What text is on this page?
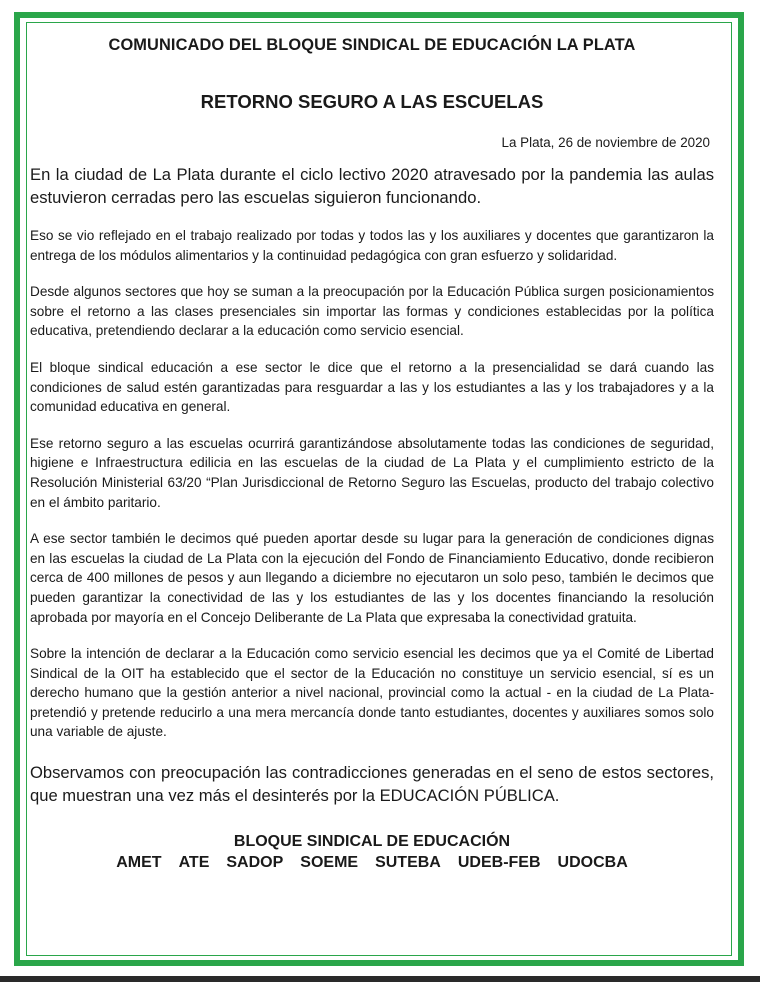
COMUNICADO DEL BLOQUE SINDICAL DE EDUCACIÓN LA PLATA
RETORNO SEGURO A LAS ESCUELAS
La Plata, 26 de noviembre de 2020

En la ciudad de La Plata durante el ciclo lectivo 2020 atravesado por la pandemia las aulas estuvieron cerradas pero las escuelas siguieron funcionando.

Eso se vio reflejado en el trabajo realizado por todas y todos las y los auxiliares y docentes que garantizaron la entrega de los módulos alimentarios y la continuidad pedagógica con gran esfuerzo y solidaridad.

Desde algunos sectores que hoy se suman a la preocupación por la Educación Pública surgen posicionamientos sobre el retorno a las clases presenciales sin importar las formas y condiciones establecidas por la política educativa, pretendiendo declarar a la educación como servicio esencial.

El bloque sindical educación a ese sector le dice que el retorno a la presencialidad se dará cuando las condiciones de salud estén garantizadas para resguardar a las y los estudiantes a las y los trabajadores y a la comunidad educativa en general.

Ese retorno seguro a las escuelas ocurrirá garantizándose absolutamente todas las condiciones de seguridad, higiene e Infraestructura edilicia en las escuelas de la ciudad de La Plata y el cumplimiento estricto de la Resolución Ministerial 63/20 “Plan Jurisdiccional de Retorno Seguro las Escuelas, producto del trabajo colectivo en el ámbito paritario.

A ese sector también le decimos qué pueden aportar desde su lugar para la generación de condiciones dignas en las escuelas la ciudad de La Plata con la ejecución del Fondo de Financiamiento Educativo, donde recibieron cerca de 400 millones de pesos y aun llegando a diciembre no ejecutaron un solo peso, también le decimos que pueden garantizar la conectividad de las y los estudiantes de las y los docentes financiando la resolución aprobada por mayoría en el Concejo Deliberante de La Plata que expresaba la conectividad gratuita.

Sobre la intención de declarar a la Educación como servicio esencial les decimos que ya el Comité de Libertad Sindical de la OIT ha establecido que el sector de la Educación no constituye un servicio esencial, sí es un derecho humano que la gestión anterior a nivel nacional, provincial como la actual - en la ciudad de La Plata- pretendió y pretende reducirlo a una mera mercancía donde tanto estudiantes, docentes y auxiliares somos solo una variable de ajuste.

Observamos con preocupación las contradicciones generadas en el seno de estos sectores, que muestran una vez más el desinterés por la EDUCACIÓN PÚBLICA.

BLOQUE SINDICAL DE EDUCACIÓN
AMET ATE SADOP SOEME SUTEBA UDEB-FEB UDOCBA
